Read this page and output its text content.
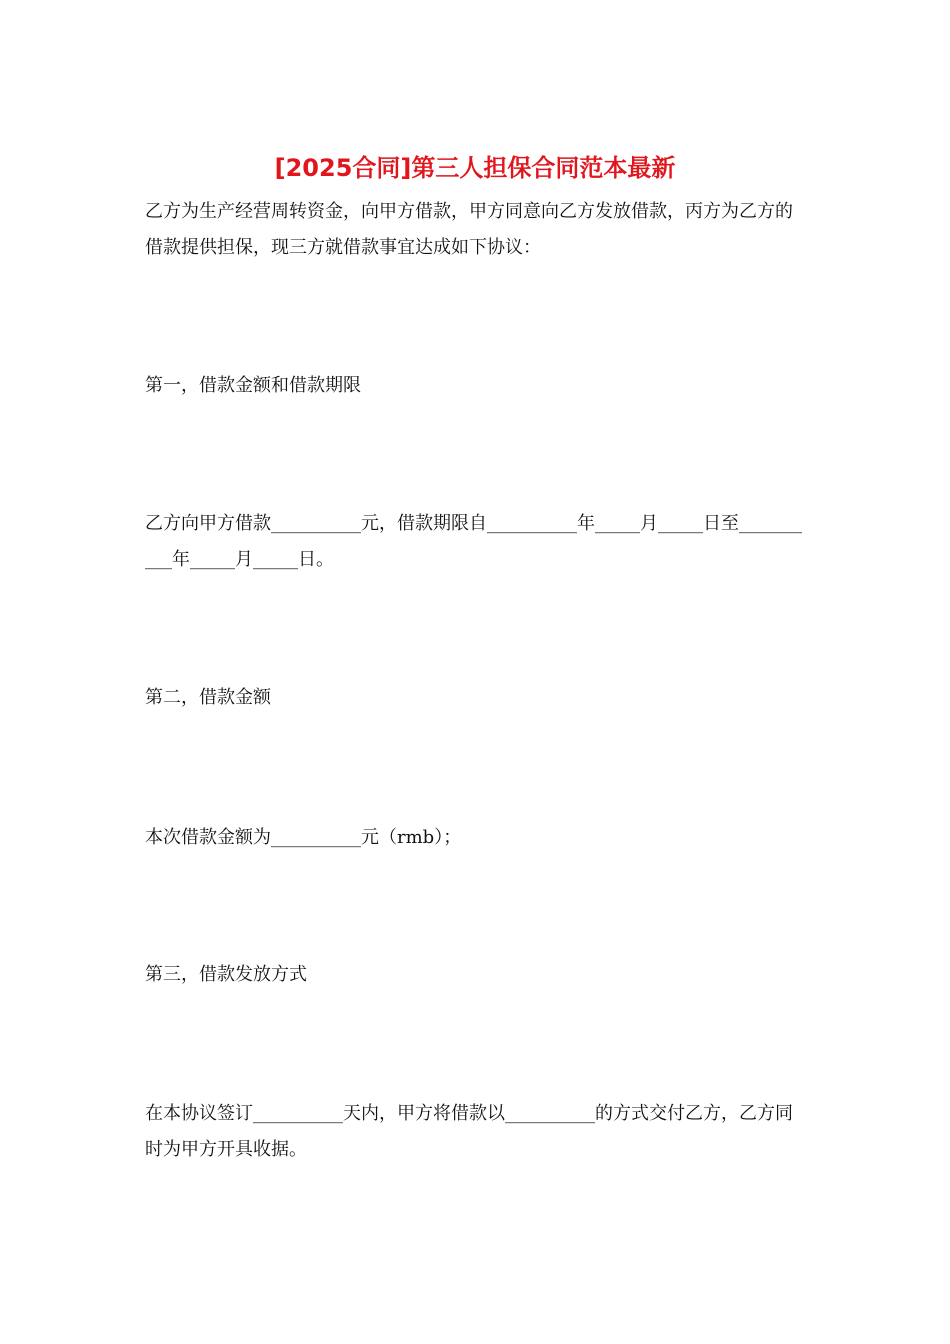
[2025合同]第三人担保合同范本最新

乙方为生产经营周转资金，向甲方借款，甲方同意向乙方发放借款，丙方为乙方的借款提供担保，现三方就借款事宜达成如下协议：

第一，借款金额和借款期限

乙方向甲方借款__________元，借款期限自__________年_____月_____日至__________年_____月_____日。

第二，借款金额

本次借款金额为__________元（rmb）；

第三，借款发放方式

在本协议签订__________天内，甲方将借款以__________的方式交付乙方，乙方同时为甲方开具收据。
